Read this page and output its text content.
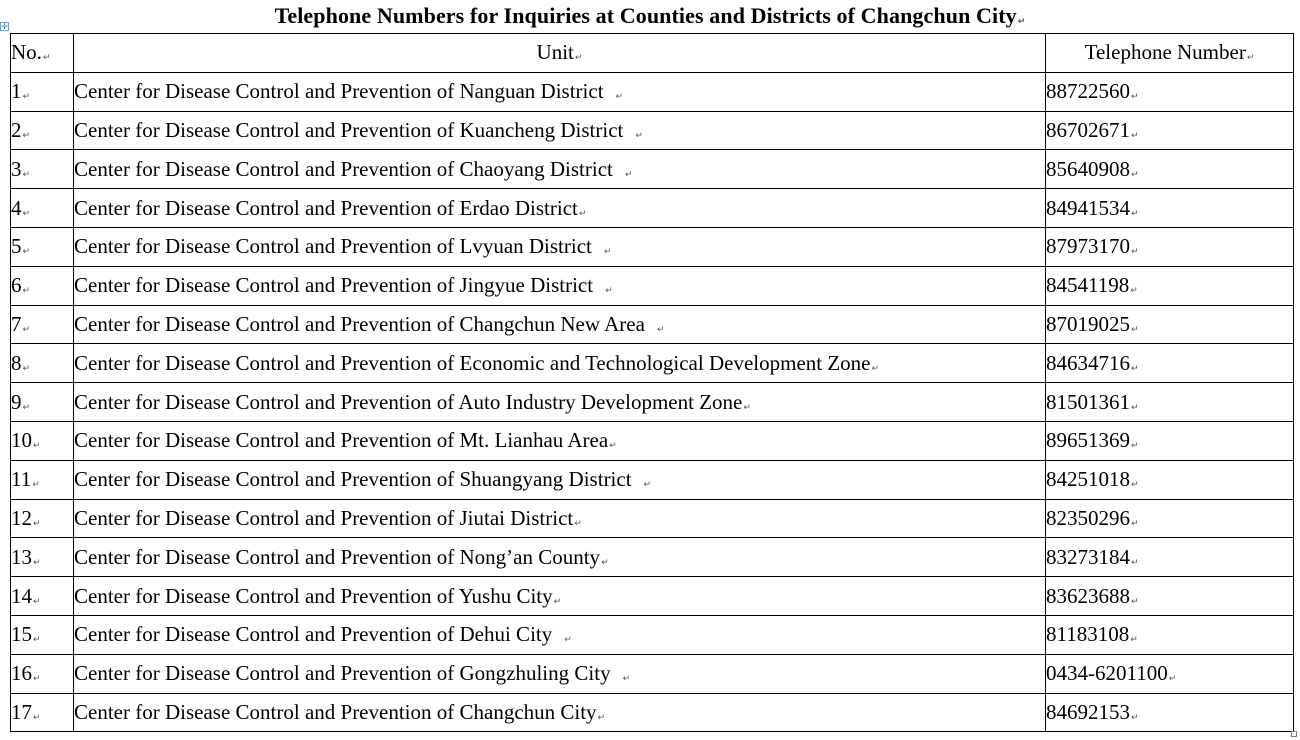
Telephone Numbers for Inquiries at Counties and Districts of Changchun City↵
✛
No.↵	Unit↵	Telephone Number↵
1↵	Center for Disease Control and Prevention of Nanguan District ↵	88722560↵
2↵	Center for Disease Control and Prevention of Kuancheng District ↵	86702671↵
3↵	Center for Disease Control and Prevention of Chaoyang District ↵	85640908↵
4↵	Center for Disease Control and Prevention of Erdao District↵	84941534↵
5↵	Center for Disease Control and Prevention of Lvyuan District ↵	87973170↵
6↵	Center for Disease Control and Prevention of Jingyue District ↵	84541198↵
7↵	Center for Disease Control and Prevention of Changchun New Area ↵	87019025↵
8↵	Center for Disease Control and Prevention of Economic and Technological Development Zone↵	84634716↵
9↵	Center for Disease Control and Prevention of Auto Industry Development Zone↵	81501361↵
10↵	Center for Disease Control and Prevention of Mt. Lianhau Area↵	89651369↵
11↵	Center for Disease Control and Prevention of Shuangyang District ↵	84251018↵
12↵	Center for Disease Control and Prevention of Jiutai District↵	82350296↵
13↵	Center for Disease Control and Prevention of Nong’an County↵	83273184↵
14↵	Center for Disease Control and Prevention of Yushu City↵	83623688↵
15↵	Center for Disease Control and Prevention of Dehui City ↵	81183108↵
16↵	Center for Disease Control and Prevention of Gongzhuling City ↵	0434-6201100↵
17↵	Center for Disease Control and Prevention of Changchun City↵	84692153↵
